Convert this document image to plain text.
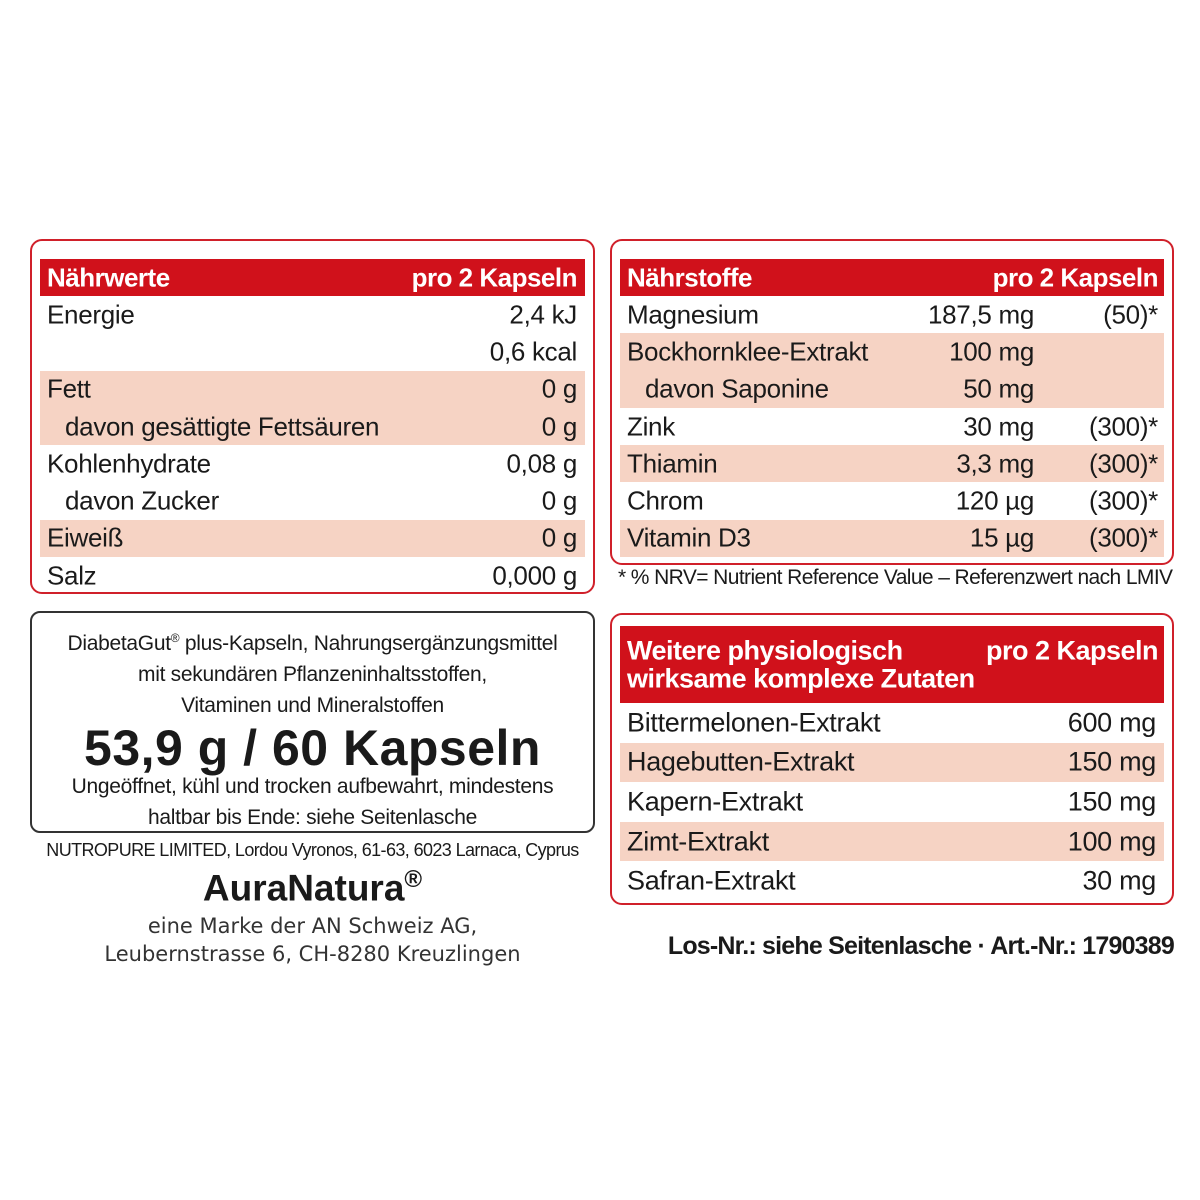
Nährwerte	pro 2 Kapseln
Energie	2,4 kJ
0,6 kcal
Fett	0 g
davon gesättigte Fettsäuren	0 g
Kohlenhydrate	0,08 g
davon Zucker	0 g
Eiweiß	0 g
Salz	0,000 g
Nährstoffe	pro 2 Kapseln
Magnesium	187,5 mg	(50)*
Bockhornklee-Extrakt	100 mg
davon Saponine	50 mg
Zink	30 mg (300)*
Thiamin	3,3 mg (300)*
Chrom	120 µg (300)*
Vitamin D3	15 µg (300)*
* % NRV= Nutrient Reference Value – Referenzwert nach LMIV
Weitere physiologisch
wirksame komplexe Zutaten
pro 2 Kapseln
Bittermelonen-Extrakt	600 mg
Hagebutten-Extrakt	150 mg
Kapern-Extrakt	150 mg
Zimt-Extrakt	100 mg
Safran-Extrakt	30 mg
DiabetaGut® plus-Kapseln, Nahrungsergänzungsmittel
mit sekundären Pflanzeninhaltsstoffen,
Vitaminen und Mineralstoffen
53,9 g / 60 Kapseln
Ungeöffnet, kühl und trocken aufbewahrt, mindestens
haltbar bis Ende: siehe Seitenlasche
NUTROPURE LIMITED, Lordou Vyronos, 61-63, 6023 Larnaca, Cyprus
AuraNatura®
eine Marke der AN Schweiz AG,
Leubernstrasse 6, CH-8280 Kreuzlingen	Los-Nr.: siehe Seitenlasche · Art.-Nr.: 1790389
